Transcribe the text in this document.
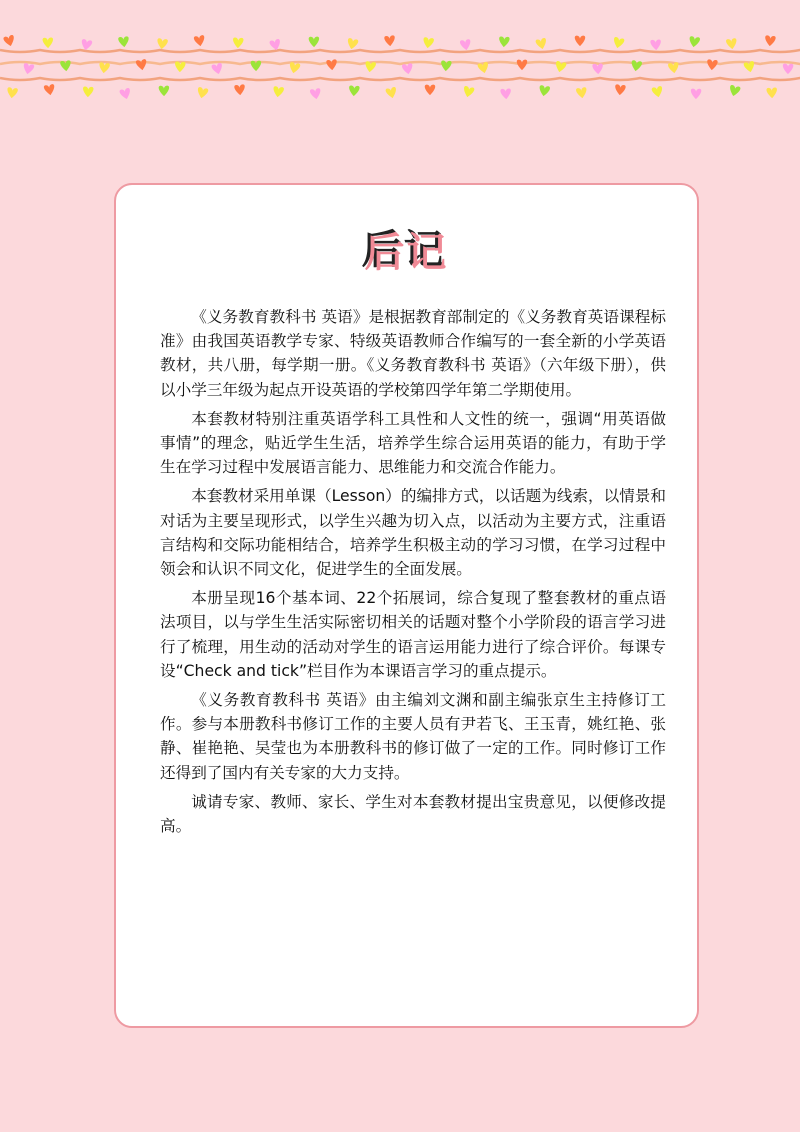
后记

《义务教育教科书 英语》是根据教育部制定的《义务教育英语课程标准》由我国英语教学专家、特级英语教师合作编写的一套全新的小学英语教材，共八册，每学期一册。《义务教育教科书 英语》（六年级下册），供以小学三年级为起点开设英语的学校第四学年第二学期使用。

本套教材特别注重英语学科工具性和人文性的统一，强调“用英语做事情”的理念，贴近学生生活，培养学生综合运用英语的能力，有助于学生在学习过程中发展语言能力、思维能力和交流合作能力。

本套教材采用单课（Lesson）的编排方式，以话题为线索，以情景和对话为主要呈现形式，以学生兴趣为切入点，以活动为主要方式，注重语言结构和交际功能相结合，培养学生积极主动的学习习惯，在学习过程中领会和认识不同文化，促进学生的全面发展。

本册呈现16个基本词、22个拓展词，综合复现了整套教材的重点语法项目，以与学生生活实际密切相关的话题对整个小学阶段的语言学习进行了梳理，用生动的活动对学生的语言运用能力进行了综合评价。每课专设“Check and tick”栏目作为本课语言学习的重点提示。

《义务教育教科书 英语》由主编刘文渊和副主编张京生主持修订工作。参与本册教科书修订工作的主要人员有尹若飞、王玉青，姚红艳、张静、崔艳艳、吴莹也为本册教科书的修订做了一定的工作。同时修订工作还得到了国内有关专家的大力支持。

诚请专家、教师、家长、学生对本套教材提出宝贵意见，以便修改提高。
